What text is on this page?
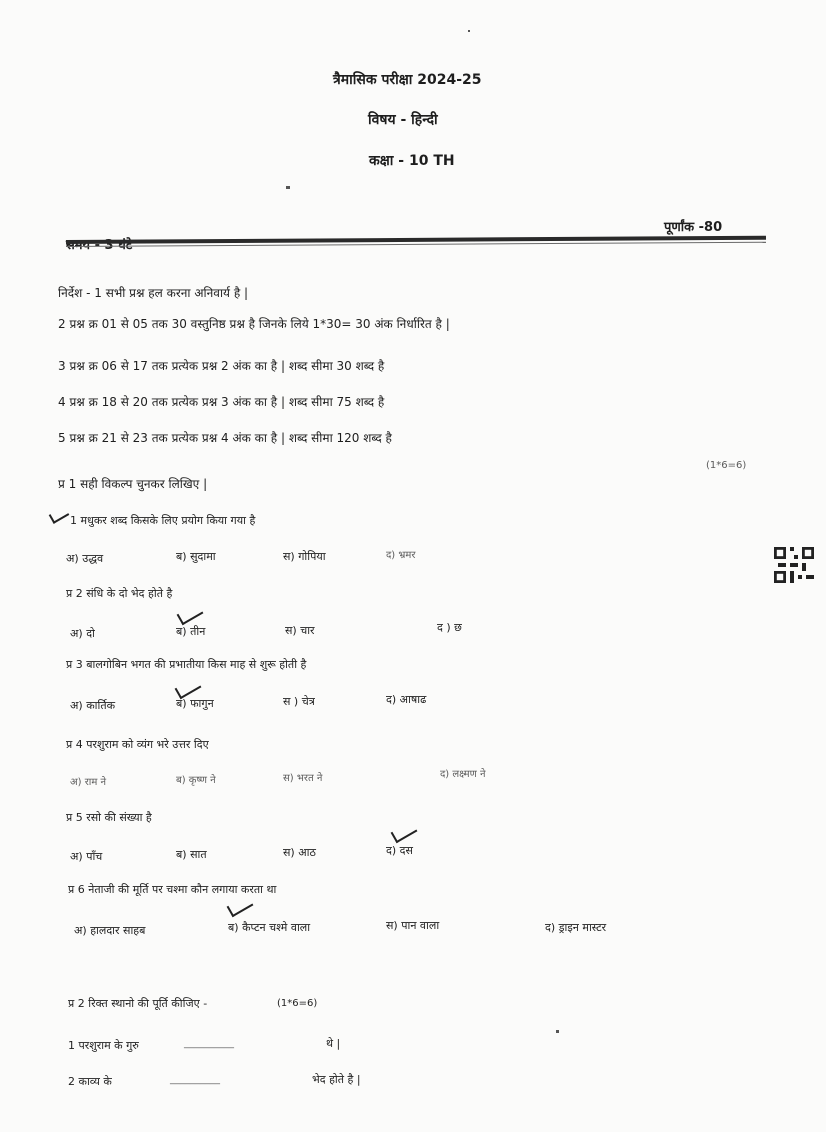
त्रैमासिक परीक्षा 2024-25
विषय - हिन्दी
कक्षा - 10 TH
पूर्णांक -80
निर्देश - 1 सभी प्रश्न हल करना अनिवार्य है |
2 प्रश्न क्र 01 से 05 तक 30 वस्तुनिष्ठ प्रश्न है जिनके लिये 1*30= 30 अंक निर्धारित है |
3 प्रश्न क्र 06 से 17 तक प्रत्येक प्रश्न 2 अंक का है | शब्द सीमा 30 शब्द है
4 प्रश्न क्र 18 से 20 तक प्रत्येक प्रश्न 3 अंक का है | शब्द सीमा 75 शब्द है
5 प्रश्न क्र 21 से 23 तक प्रत्येक प्रश्न 4 अंक का है | शब्द सीमा 120 शब्द है
प्र 1 सही विकल्प चुनकर लिखिए |
(1*6=6)
1 मधुकर शब्द किसके लिए प्रयोग किया गया है
अ) उद्धव	ब) सुदामा	स) गोपिया	द) भ्रमर
प्र 2 संधि के दो भेद होते है
अ) दो	ब) तीन	स) चार	द ) छ
प्र 3 बालगोबिन भगत की प्रभातीया किस माह से शुरू होती है
अ) कार्तिक	ब) फागुन	स ) चेत्र	द) आषाढ
प्र 4 परशुराम को व्यंग भरे उत्तर दिए
अ) राम ने	ब) कृष्ण ने	स) भरत ने	द) लक्ष्मण ने
प्र 5 रसो की संख्या है
अ) पाँच	ब) सात	स) आठ	द) दस
प्र 6 नेताजी की मूर्ति पर चश्मा कौन लगाया करता था
अ) हालदार साहब	ब) कैप्टन चश्मे वाला	स) पान वाला	द) ड्राइन मास्टर
प्र 2 रिक्त स्थानो की पूर्ति कीजिए -	(1*6=6)
1 परशुराम के गुरु	__________	थे |
2 काव्य के	__________	भेद होते है |
